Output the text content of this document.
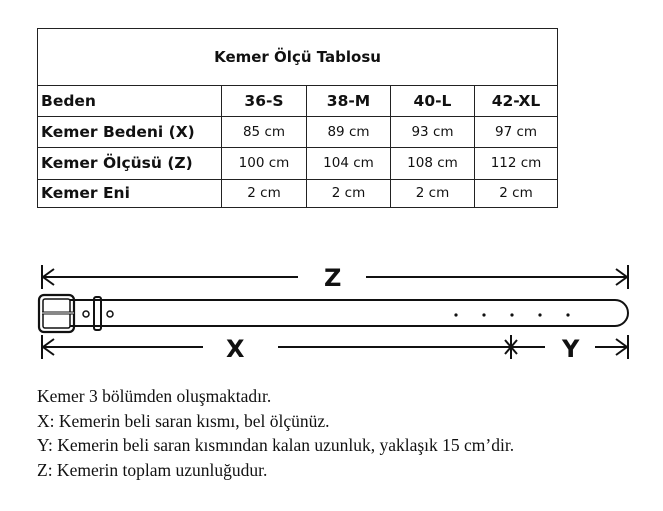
Kemer Ölçü Tablosu				
Beden	36-S	38-M	40-L	42-XL
Kemer Bedeni (X)	85 cm	89 cm	93 cm	97 cm
Kemer Ölçüsü (Z)	100 cm	104 cm	108 cm	112 cm
Kemer Eni	2 cm	2 cm	2 cm	2 cm
Z
X	Y
Kemer 3 bölümden oluşmaktadır.
X: Kemerin beli saran kısmı, bel ölçünüz.
Y: Kemerin beli saran kısmından kalan uzunluk, yaklaşık 15 cm’dir.
Z: Kemerin toplam uzunluğudur.
